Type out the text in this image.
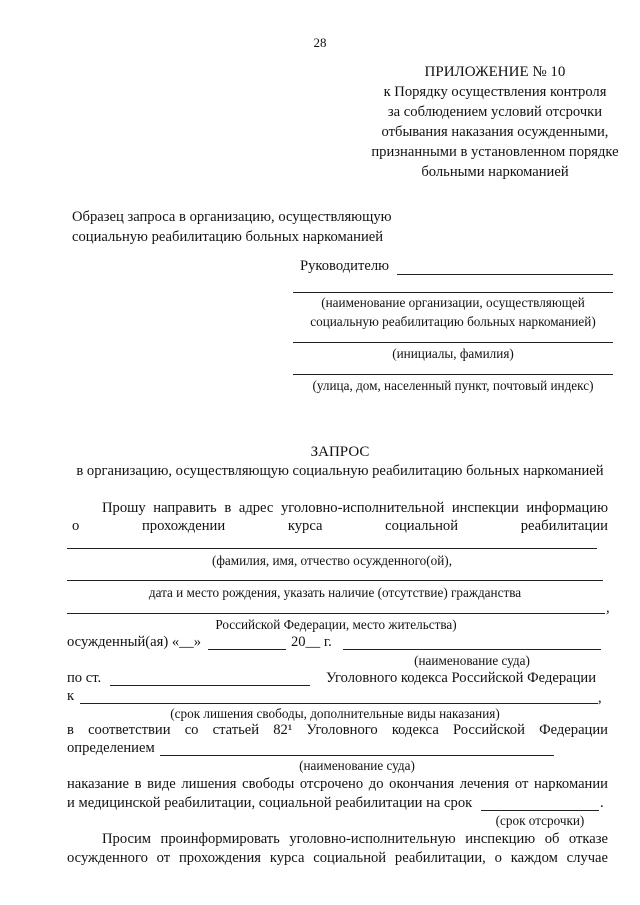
28
ПРИЛОЖЕНИЕ № 10
к Порядку осуществления контроля
за соблюдением условий отсрочки
отбывания наказания осужденными,
признанными в установленном порядке
больными наркоманией
Образец запроса в организацию, осуществляющую
социальную реабилитацию больных наркоманией
Руководителю
(наименование организации, осуществляющей
социальную реабилитацию больных наркоманией)
(инициалы, фамилия)
(улица, дом, населенный пункт, почтовый индекс)
ЗАПРОС
в организацию, осуществляющую социальную реабилитацию больных наркоманией
Прошу направить в адрес уголовно-исполнительной инспекции информацию
о	прохождении	курса	социальной	реабилитации
(фамилия, имя, отчество осужденного(ой),
дата и место рождения, указать наличие (отсутствие) гражданства
,
Российской Федерации, место жительства)
осужденный(ая) «__»	20__ г.
(наименование суда)
по ст.	Уголовного кодекса Российской Федерации
к	,
(срок лишения свободы, дополнительные виды наказания)
в соответствии со статьей 82¹ Уголовного кодекса Российской Федерации
определением
(наименование суда)
наказание в виде лишения свободы отсрочено до окончания лечения от наркомании
и медицинской реабилитации, социальной реабилитации на срок	.
(срок отсрочки)
Просим проинформировать уголовно-исполнительную инспекцию об отказе
осужденного от прохождения курса социальной реабилитации, о каждом случае
